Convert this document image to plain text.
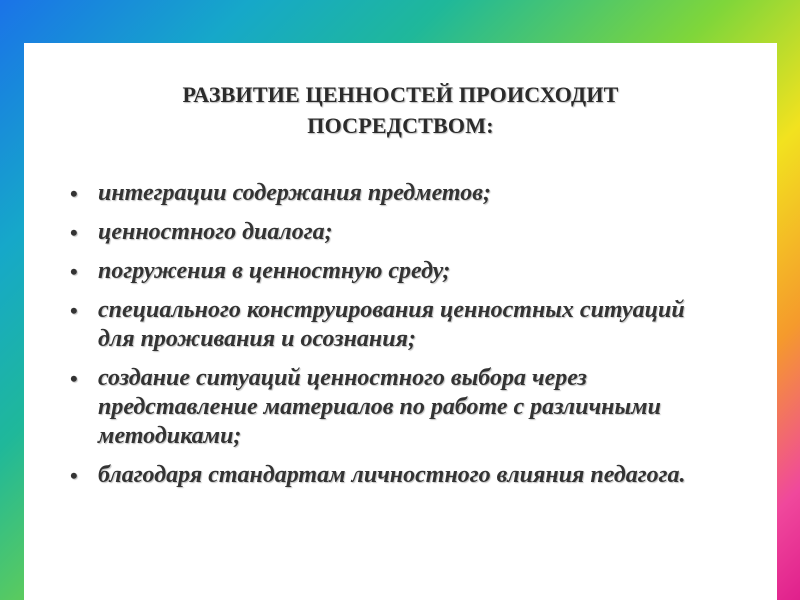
РАЗВИТИЕ ЦЕННОСТЕЙ ПРОИСХОДИТ
ПОСРЕДСТВОМ:
• интеграции содержания предметов;
• ценностного диалога;
• погружения в ценностную среду;
• специального конструирования ценностных ситуаций для проживания и осознания;
• создание ситуаций ценностного выбора через представление материалов по работе с различными методиками;
• благодаря стандартам личностного влияния педагога.
